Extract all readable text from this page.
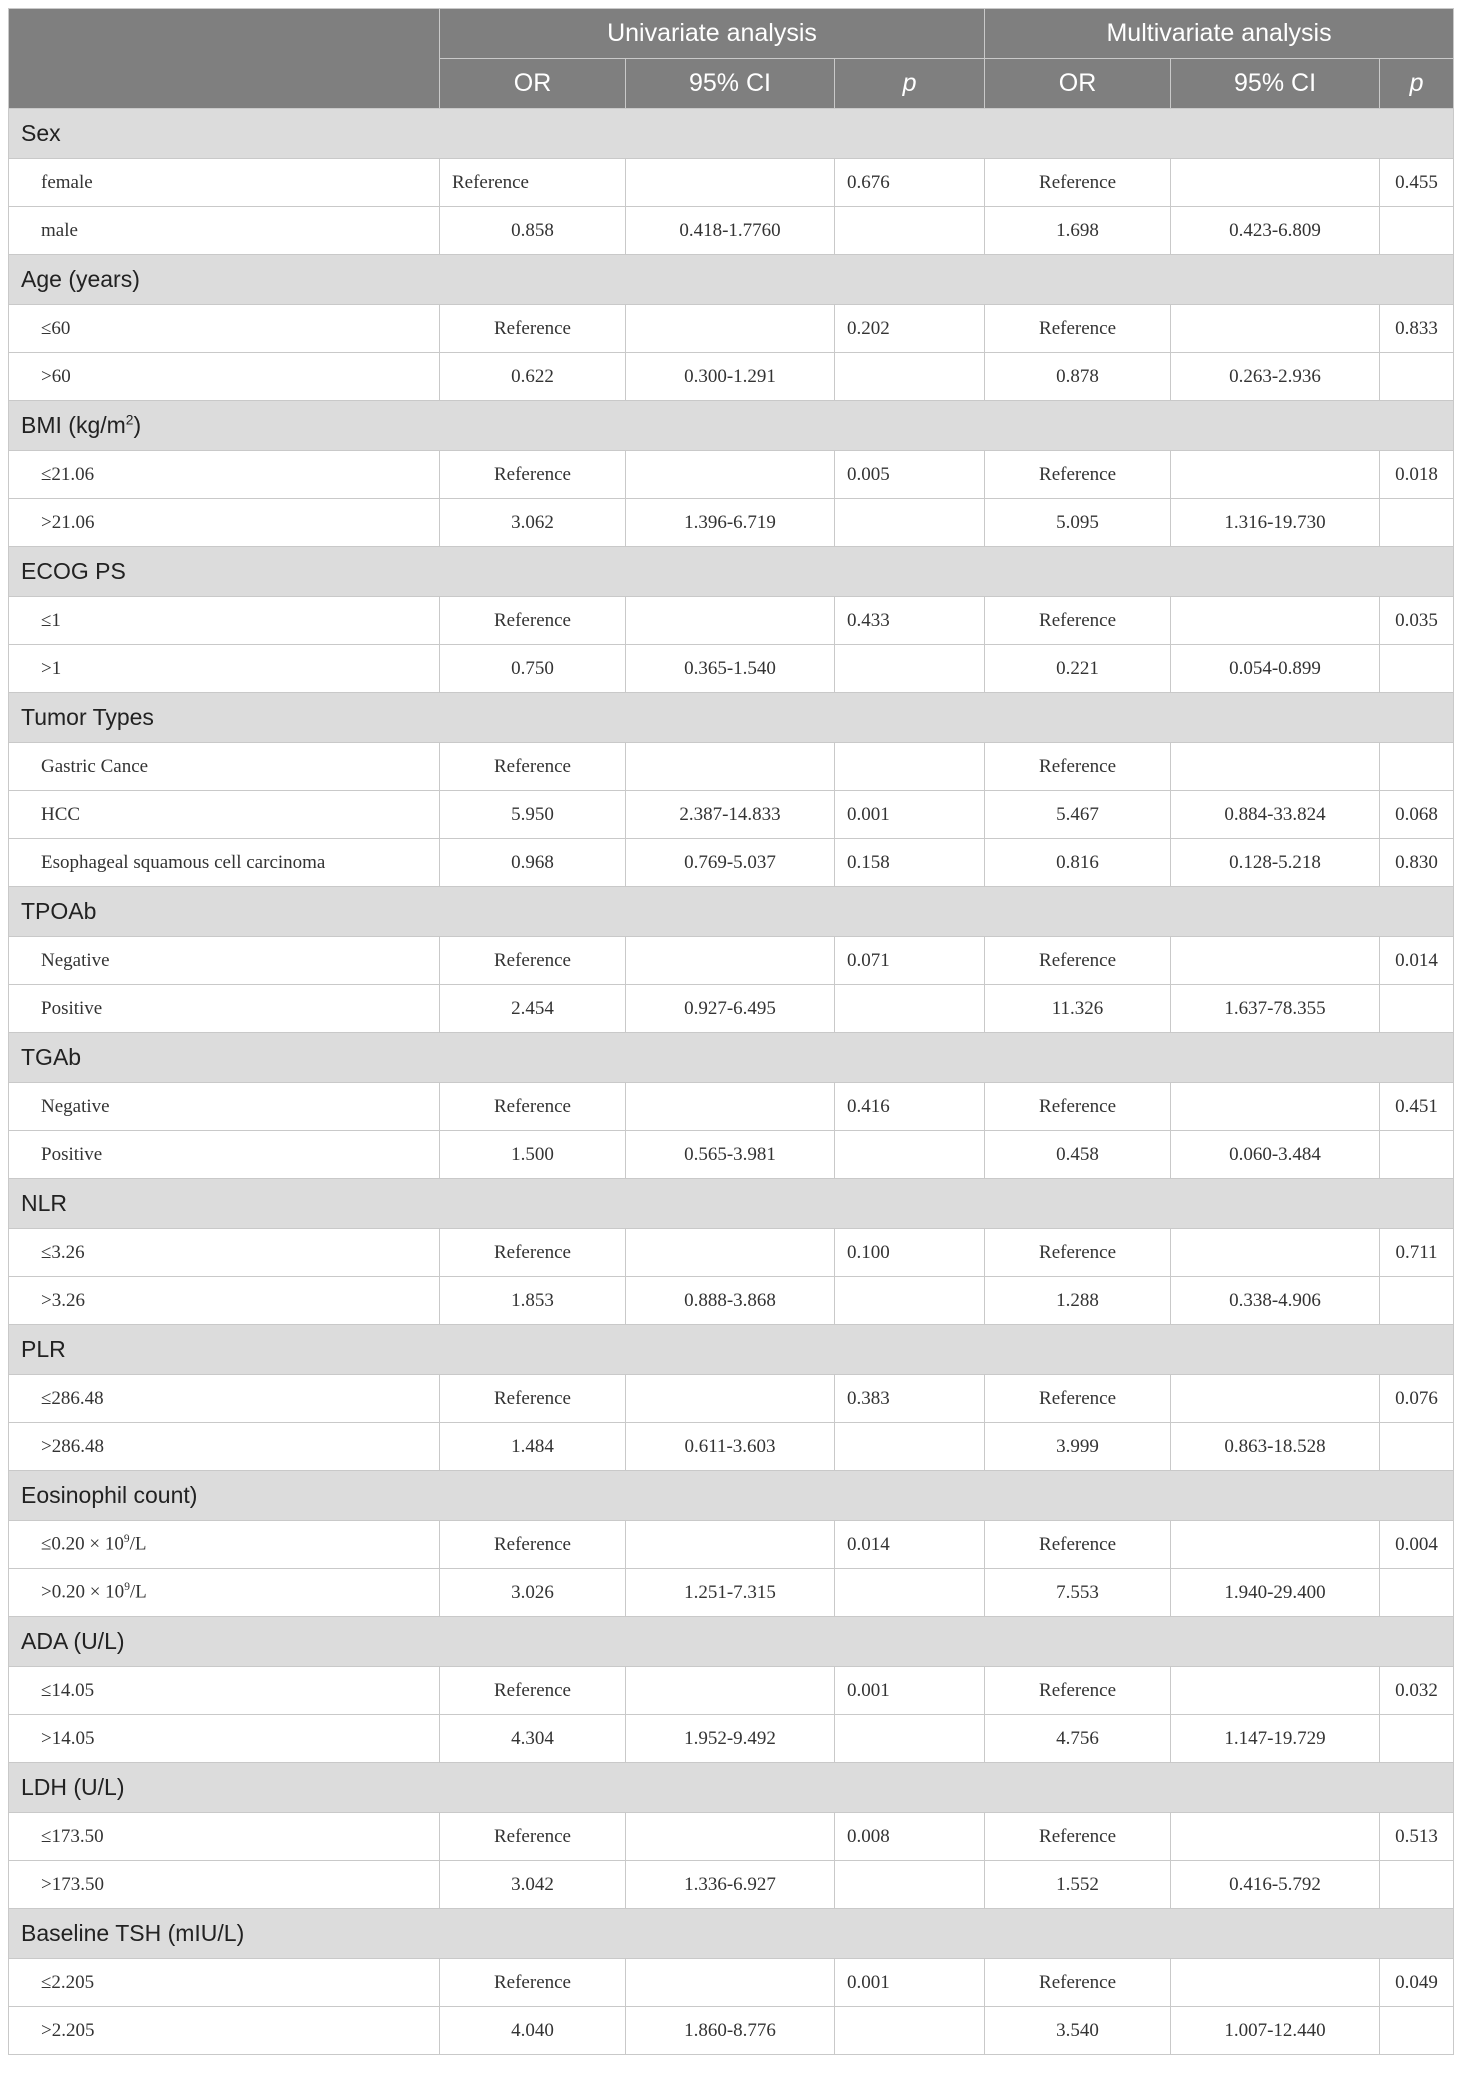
	Univariate analysis			Multivariate analysis		
	OR	95% CI	p	OR	95% CI	p
Sex						
female	Reference		0.676	Reference		0.455
male	0.858	0.418-1.7760		1.698	0.423-6.809	
Age (years)						
≤60	Reference		0.202	Reference		0.833
>60	0.622	0.300-1.291		0.878	0.263-2.936	
BMI $(kg/m^2)$						
≤21.06	Reference		0.005	Reference		0.018
>21.06	3.062	1.396-6.719		5.095	1.316-19.730	
ECOG PS						
≤1	Reference		0.433	Reference		0.035
>1	0.750	0.365-1.540		0.221	0.054-0.899	
Tumor Types						
Gastric Cance	Reference			Reference		
HCC	5.950	2.387-14.833	0.001	5.467	0.884-33.824	0.068
Esophageal squamous cell carcinoma	0.968	0.769-5.037	0.158	0.816	0.128-5.218	0.830
TPOAb						
Negative	Reference		0.071	Reference		0.014
Positive	2.454	0.927-6.495		11.326	1.637-78.355	
TGAb						
Negative	Reference		0.416	Reference		0.451
Positive	1.500	0.565-3.981		0.458	0.060-3.484	
NLR						
≤3.26	Reference		0.100	Reference		0.711
>3.26	1.853	0.888-3.868		1.288	0.338-4.906	
PLR						
≤286.48	Reference		0.383	Reference		0.076
>286.48	1.484	0.611-3.603		3.999	0.863-18.528	
Eosinophil count)						
$\le 0.20 \times 10^9/L$	Reference		0.014	Reference		0.004
$>0.20 \times 10^9/L$	3.026	1.251-7.315		7.553	1.940-29.400	
ADA (U/L)						
≤14.05	Reference		0.001	Reference		0.032
>14.05	4.304	1.952-9.492		4.756	1.147-19.729	
LDH (U/L)						
≤173.50	Reference		0.008	Reference		0.513
>173.50	3.042	1.336-6.927		1.552	0.416-5.792	
Baseline TSH (mIU/L)						
≤2.205	Reference		0.001	Reference		0.049
>2.205	4.040	1.860-8.776		3.540	1.007-12.440	
